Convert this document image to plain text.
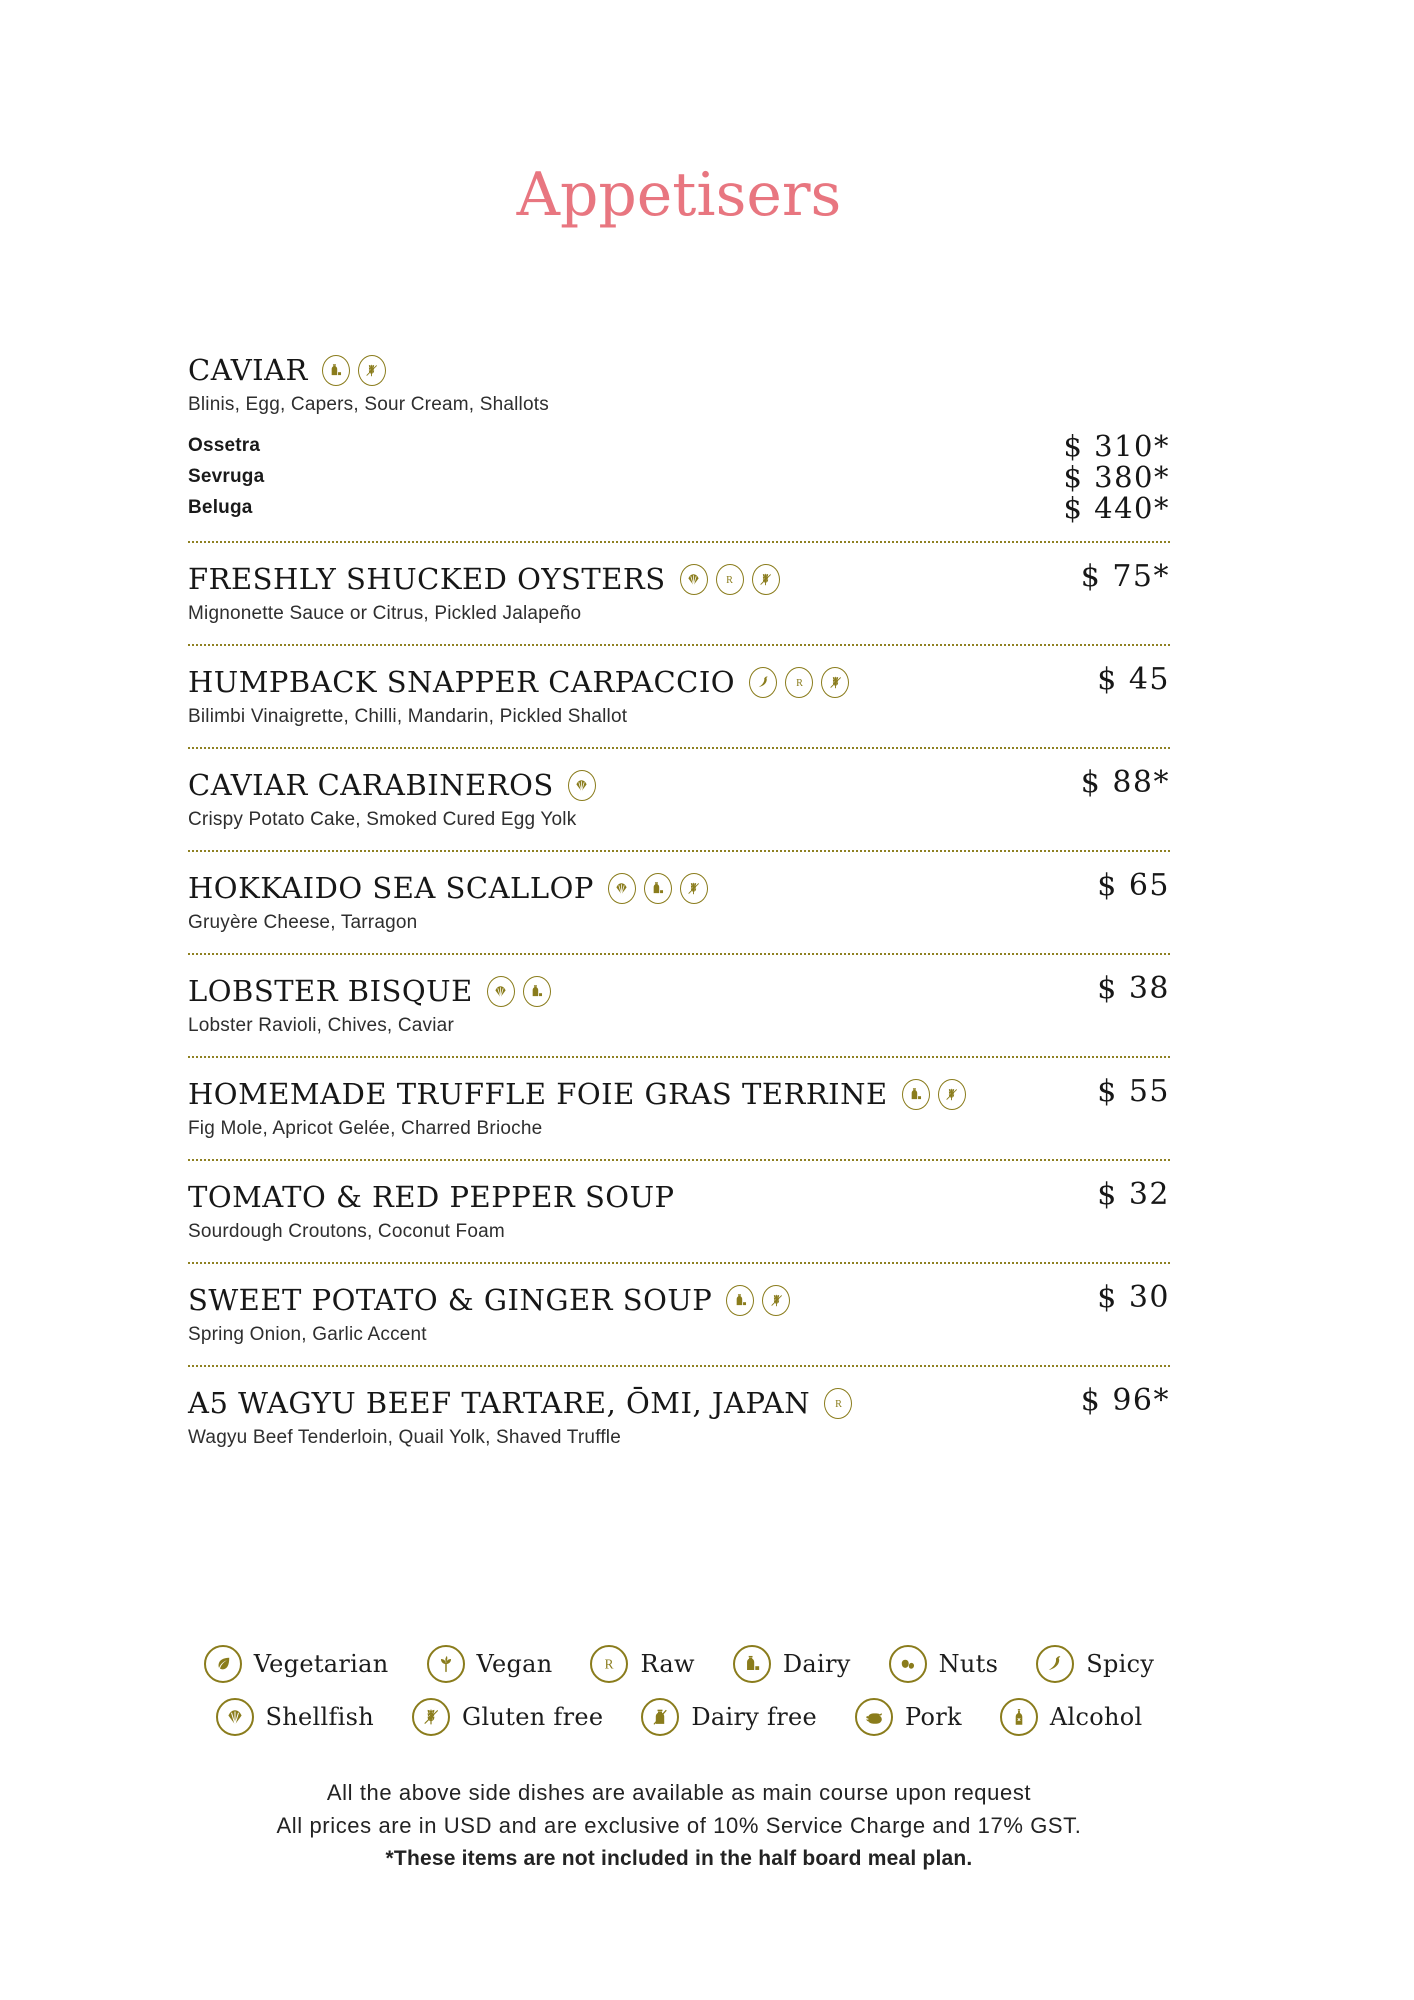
Appetisers
CAVIAR

Blinis, Egg, Capers, Sour Cream, Shallots

Ossetra	$ 310*
Sevruga	$ 380*
Beluga	$ 440*
FRESHLY SHUCKED OYSTERS	$ 75*

Mignonette Sauce or Citrus, Pickled Jalapeño

HUMPBACK SNAPPER CARPACCIO	$ 45

Bilimbi Vinaigrette, Chilli, Mandarin, Pickled Shallot

CAVIAR CARABINEROS	$ 88*

Crispy Potato Cake, Smoked Cured Egg Yolk

HOKKAIDO SEA SCALLOP	$ 65

Gruyère Cheese, Tarragon

LOBSTER BISQUE	$ 38

Lobster Ravioli, Chives, Caviar

HOMEMADE TRUFFLE FOIE GRAS TERRINE	$ 55

Fig Mole, Apricot Gelée, Charred Brioche

TOMATO & RED PEPPER SOUP	$ 32

Sourdough Croutons, Coconut Foam

SWEET POTATO & GINGER SOUP	$ 30

Spring Onion, Garlic Accent

A5 WAGYU BEEF TARTARE, ŌMI, JAPAN	$ 96*

Wagyu Beef Tenderloin, Quail Yolk, Shaved Truffle

Vegetarian	Vegan	Raw	Dairy	Nuts	Spicy
Shellfish	Gluten free	Dairy free	Pork	Alcohol
All the above side dishes are available as main course upon request
All prices are in USD and are exclusive of 10% Service Charge and 17% GST.
*These items are not included in the half board meal plan.
